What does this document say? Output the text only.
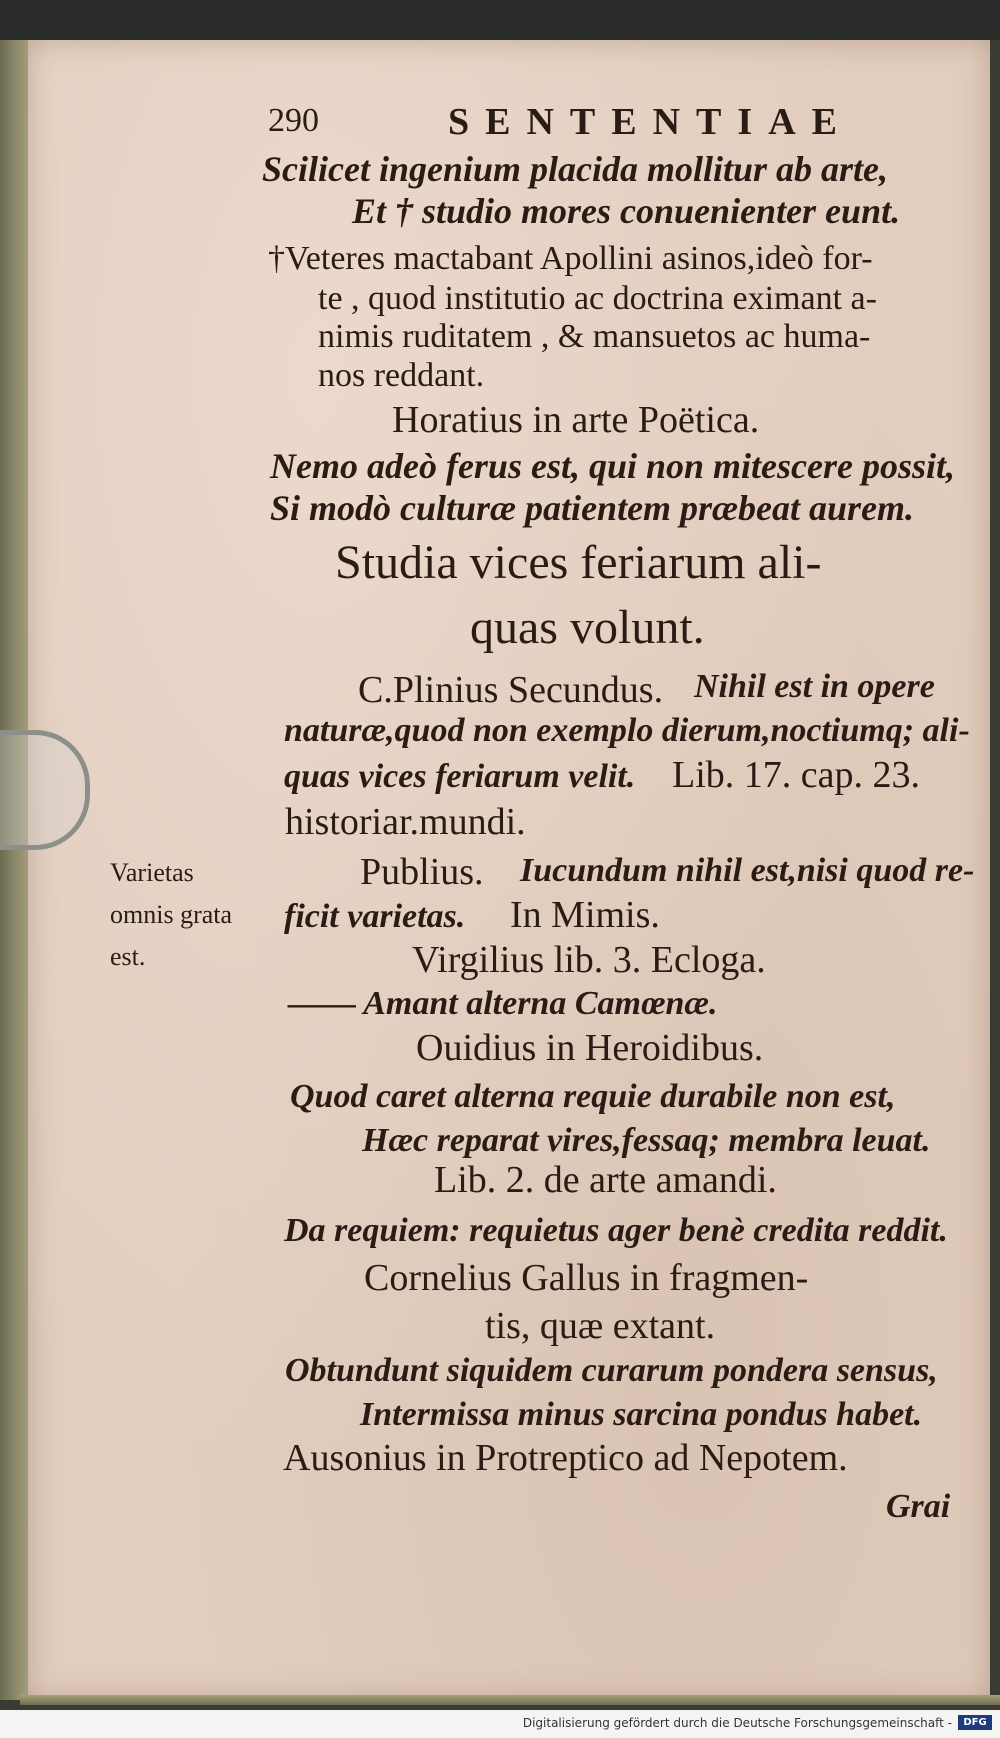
290	SENTENTIAE
Scilicet ingenium placida mollitur ab arte,
Et † studio mores conuenienter eunt.
†Veteres mactabant Apollini asinos,ideò for-
te , quod institutio ac doctrina eximant a-
nimis ruditatem , & mansuetos ac huma-
nos reddant.
Horatius in arte Poëtica.
Nemo adeò ferus est, qui non mitescere possit,
Si modò culturæ patientem præbeat aurem.
Studia vices feriarum ali-
quas volunt.
C.Plinius Secundus. Nihil est in opere
naturæ,quod non exemplo dierum,noctiumq; ali-
quas vices feriarum velit. Lib. 17. cap. 23.
historiar.mundi.
Publius. Iucundum nihil est,nisi quod re-
ficit varietas. In Mimis.
Virgilius lib. 3. Ecloga.
—— Amant alterna Camœnæ.
Ouidius in Heroidibus.
Quod caret alterna requie durabile non est,
Hæc reparat vires,fessaq; membra leuat.
Lib. 2. de arte amandi.
Da requiem: requietus ager benè credita reddit.
Cornelius Gallus in fragmen-
tis, quæ extant.
Obtundunt siquidem curarum pondera sensus,
Intermissa minus sarcina pondus habet.
Ausonius in Protreptico ad Nepotem.
Grai
Varietas
omnis grata
est.
Digitalisierung gefördert durch die Deutsche Forschungsgemeinschaft -	DFG
